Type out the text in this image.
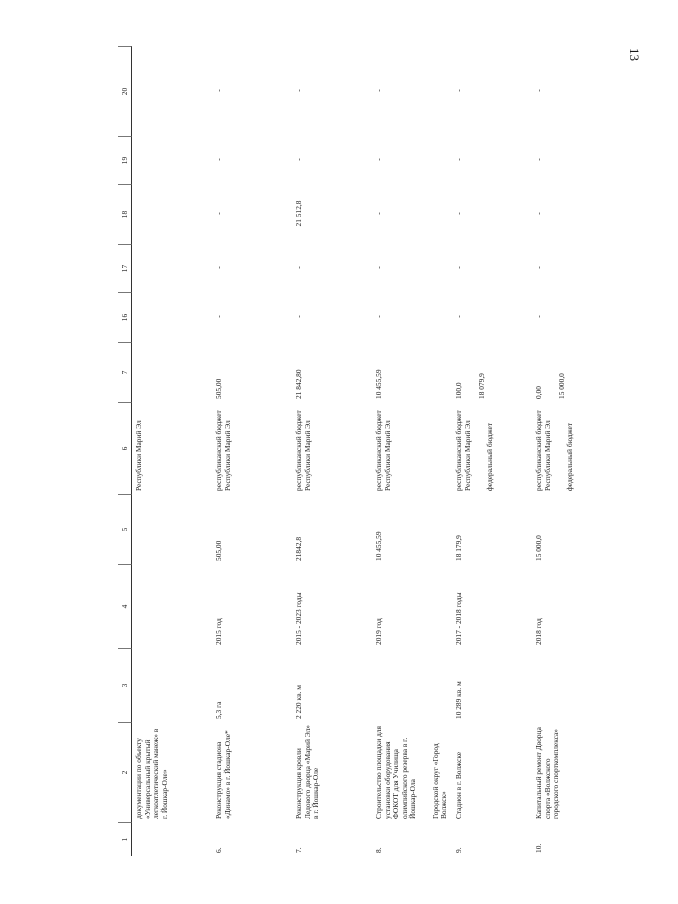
13
1
2
3
4
5
6
7
16
17
18
19
20
документации по объекту «Универсальный крытый легкоатлетический манеж» в г. Йошкар-Оле»
Республики Марий Эл
6.
Реконструкция стадиона «Динамо» в г. Йошкар-Оле*
5,3 га
2015 год
505,00
республиканский бюджет Республики Марий Эл
505,00
-
-
-
-
-
7.
Реконструкция кровли Ледового дворца «Марий Эл» в г. Йошкар-Оле
2 220 кв. м
2015 - 2023 годы
21842,8
республиканский бюджет Республики Марий Эл
21 842,80
-
-
21 512,8
-
-
8.
Строительство площадки для установки оборудования ФОКОТ для Училища олимпийского резерва в г. Йошкар-Ола Городской округ «Город Волжск»
2019 год
10 455,59
республиканский бюджет Республики Марий Эл
10 455,59
-
-
-
-
-
9.
Стадион в г. Волжске
10 289 кв. м
2017 - 2018 годы
18 179,9
республиканский бюджет Республики Марий Эл федеральный бюджет
100,0 18 079,9
-
-
-
-
-
10.
Капитальный ремонт Дворца спорта «Волжского городского спорткомплекса»
2018 год
15 000,0
республиканский бюджет Республики Марий Эл федеральный бюджет
0,00 15 000,0
-
-
-
-
-
